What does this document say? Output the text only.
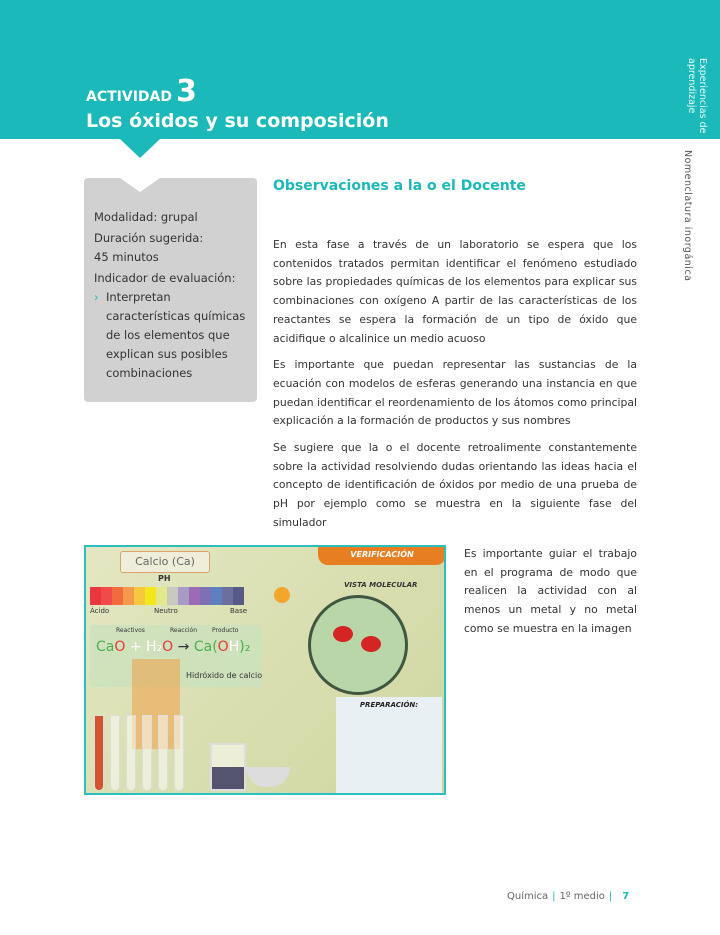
ACTIVIDAD 3
Los óxidos y su composición	Experiencias de aprendizaje
Nomenclatura inorgánica

Modalidad: grupal

Duración sugerida:

45 minutos

Indicador de evaluación:

› Interpretan características químicas de los elementos que explican sus posibles combinaciones
Observaciones a la o el Docente

En esta fase a través de un laboratorio se espera que los contenidos tratados permitan identificar el fenómeno estudiado sobre las propiedades químicas de los elementos para explicar sus combinaciones con oxígeno A partir de las características de los reactantes se espera la formación de un tipo de óxido que acidifique o alcalinice un medio acuoso

Es importante que puedan representar las sustancias de la ecuación con modelos de esferas generando una instancia en que puedan identificar el reordenamiento de los átomos como principal explicación a la formación de productos y sus nombres

Se sugiere que la o el docente retroalimente constantemente sobre la actividad resolviendo dudas orientando las ideas hacia el concepto de identificación de óxidos por medio de una prueba de pH por ejemplo como se muestra en la siguiente fase del simulador

Calcio (Ca)
PH
Ácido	Neutro	Base
VERIFICACIÓN
VISTA MOLECULAR
Reactivos	Reacción Producto
CaO + H₂O → Ca(OH)₂
Hidróxido de calcio
PREPARACIÓN:
Es importante guiar el trabajo en el programa de modo que realicen la actividad con al menos un metal y no metal como se muestra en la imagen
Química | 1º medio | 7
